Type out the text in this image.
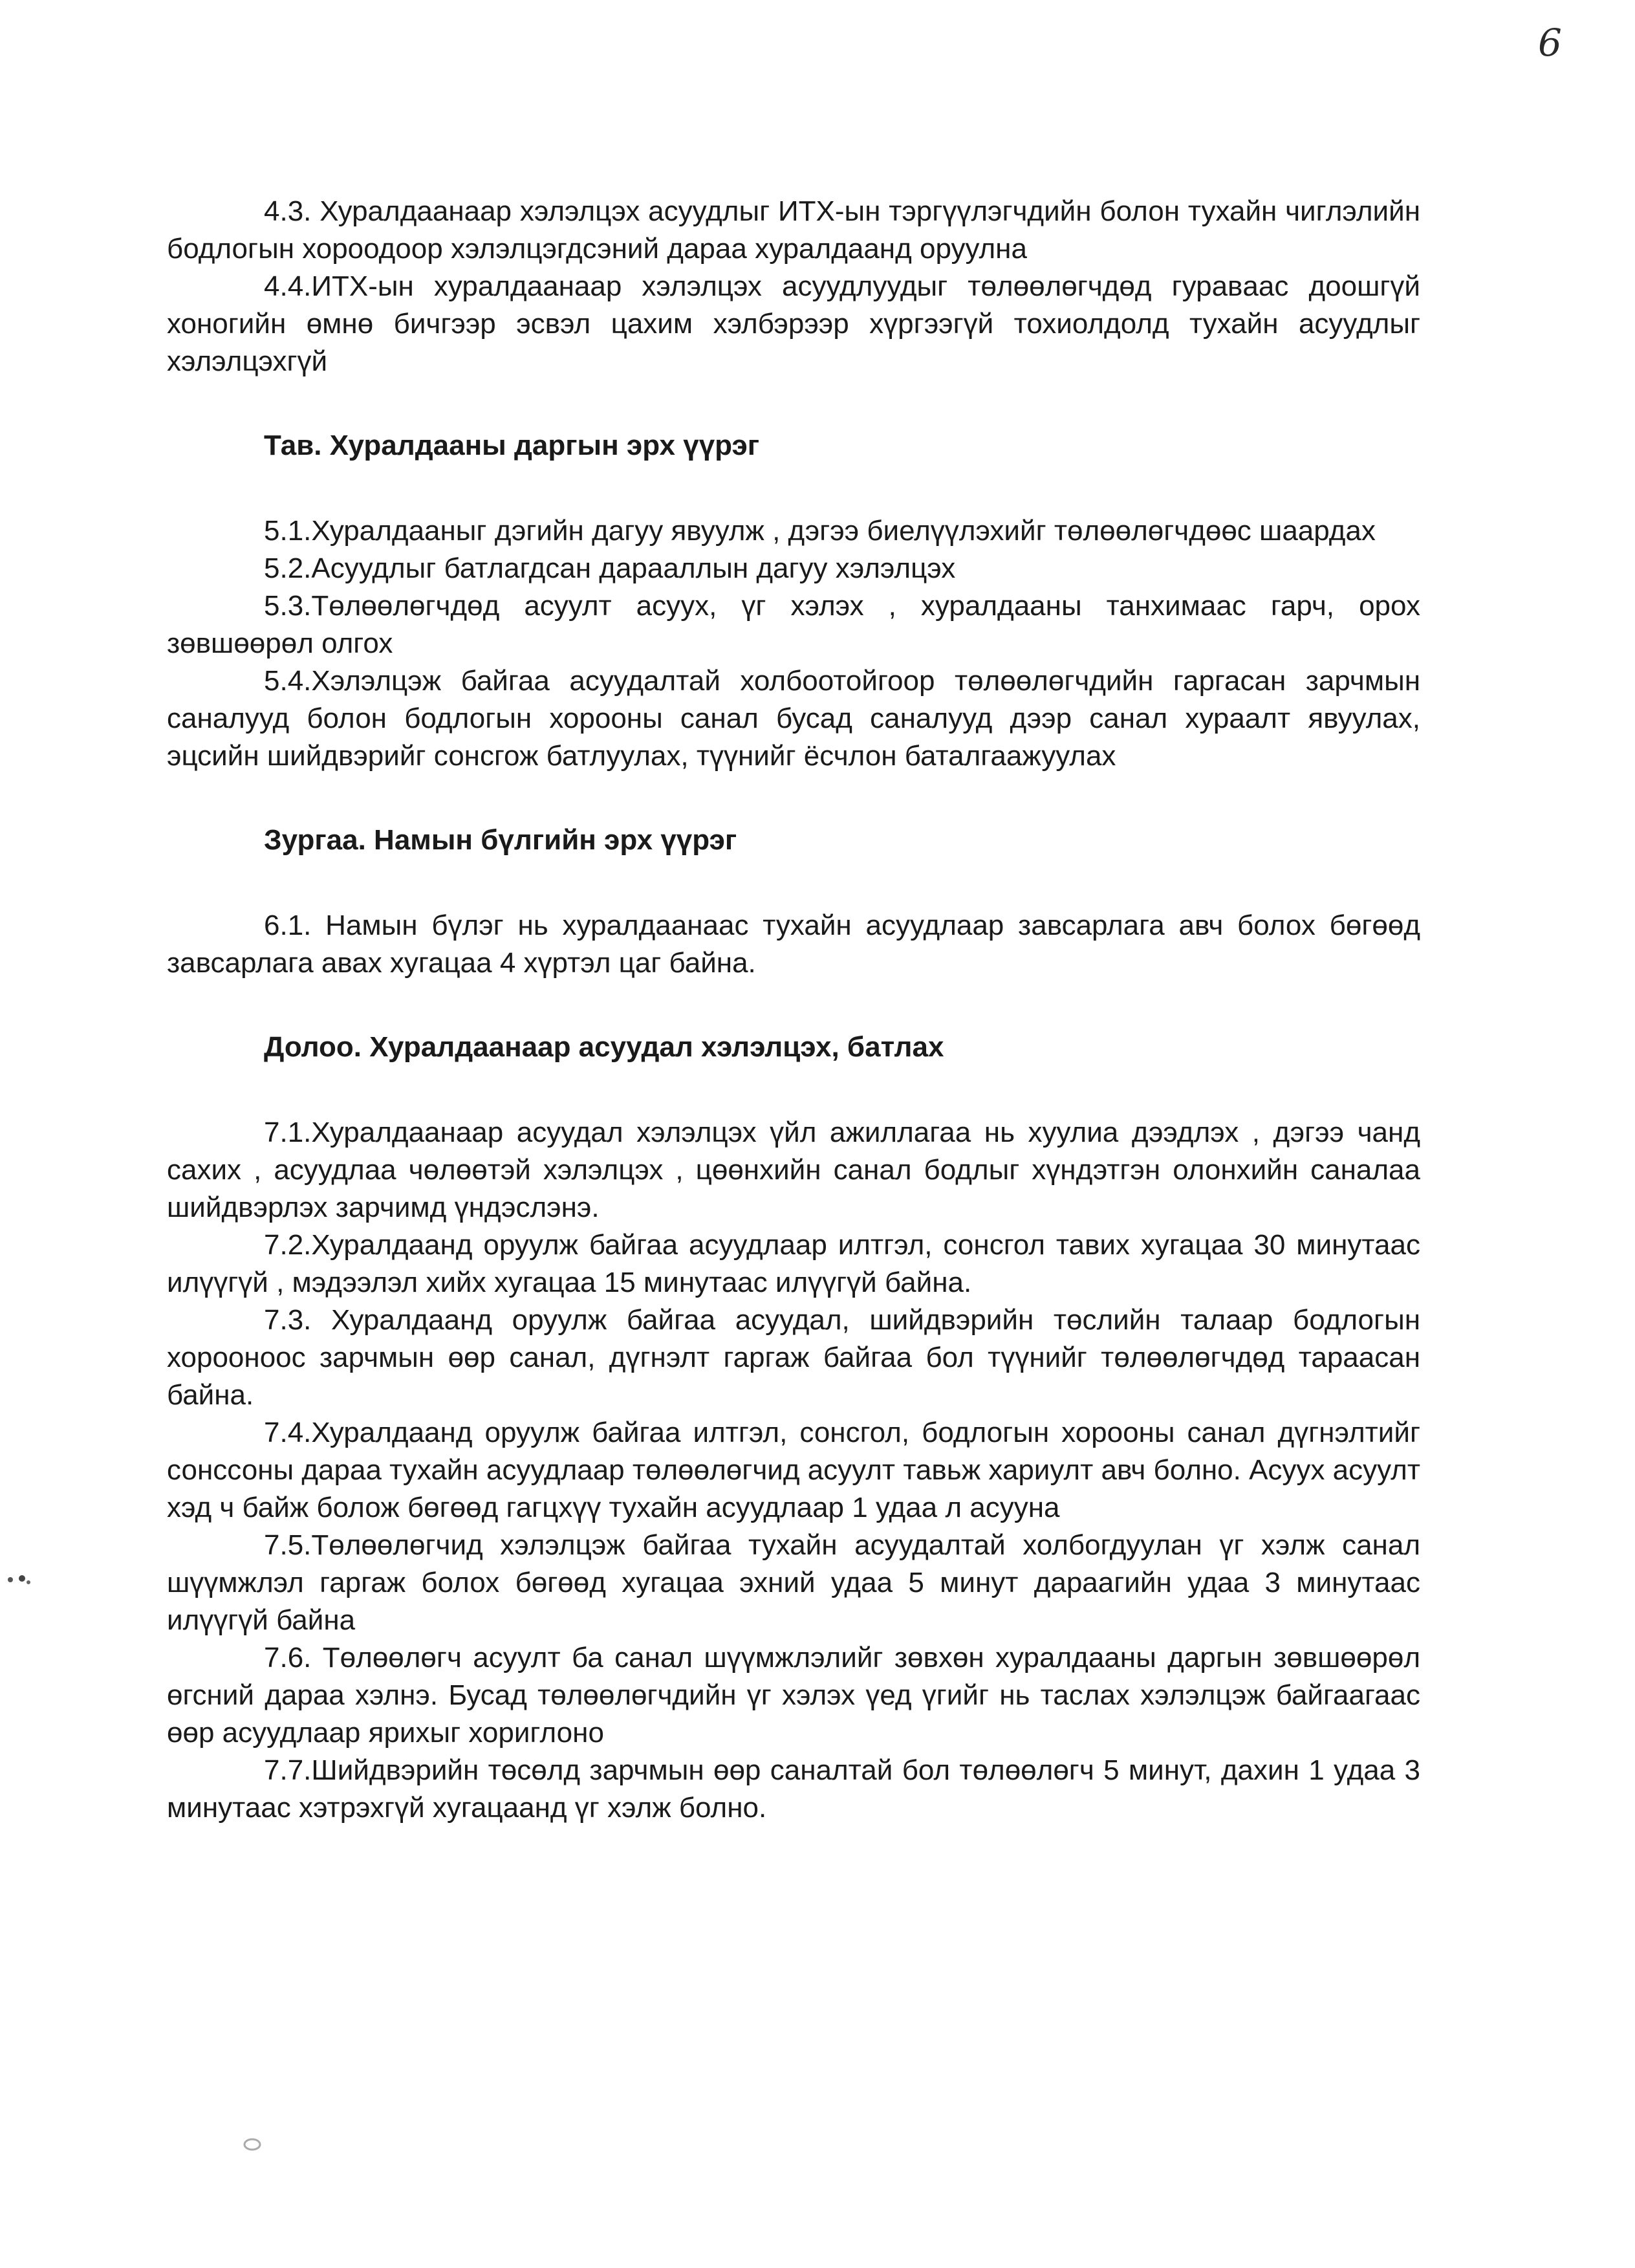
6

4.3. Хуралдаанаар хэлэлцэх асуудлыг ИТХ-ын тэргүүлэгчдийн болон тухайн чиглэлийн бодлогын хороодоор хэлэлцэгдсэний дараа хуралдаанд оруулна

4.4.ИТХ-ын хуралдаанаар хэлэлцэх асуудлуудыг төлөөлөгчдөд гуравaас доошгүй хоногийн өмнө бичгээр эсвэл цахим хэлбэрээр хүргээгүй тохиолдолд тухайн асуудлыг хэлэлцэхгүй

Тав. Хуралдааны даргын эрх үүрэг

5.1.Хуралдааныг дэгийн дагуу явуулж , дэгээ биелүүлэхийг төлөөлөгчдөөс шаардах

5.2.Асуудлыг батлагдсан дарааллын дагуу хэлэлцэх

5.3.Төлөөлөгчдөд асуулт асуух, үг хэлэх , хуралдааны танхимаас гарч, орох зөвшөөрөл олгох

5.4.Хэлэлцэж байгаа асуудалтай холбоотойгоор төлөөлөгчдийн гаргасан зарчмын саналууд болон бодлогын хорооны санал бусад саналууд дээр санал хураалт явуулах, эцсийн шийдвэрийг сонсгож батлуулах, түүнийг ёсчлон баталгаажуулах

Зургаа. Намын бүлгийн эрх үүрэг

6.1. Намын бүлэг нь хуралдаанаас тухайн асуудлаар завсарлага авч болох бөгөөд завсарлага авах хугацаа 4 хүртэл цаг байна.

Долоо. Хуралдаанаар асуудал хэлэлцэх, батлах

7.1.Хуралдаанаар асуудал хэлэлцэх үйл ажиллагаа нь хуулиа дээдлэх , дэгээ чанд сахих , асуудлаа чөлөөтэй хэлэлцэх , цөөнхийн санал бодлыг хүндэтгэн олонхийн саналаа шийдвэрлэх зарчимд үндэслэнэ.

7.2.Хуралдаанд оруулж байгаа асуудлаар илтгэл, сонсгол тавих хугацаа 30 минутаас илүүгүй , мэдээлэл хийх хугацаа 15 минутаас илүүгүй байна.

7.3. Хуралдаанд оруулж байгаа асуудал, шийдвэрийн төслийн талаар бодлогын хорооноос зарчмын өөр санал, дүгнэлт гаргаж байгаа бол түүнийг төлөөлөгчдөд тараасан байна.

7.4.Хуралдаанд оруулж байгаа илтгэл, сонсгол, бодлогын хорооны санал дүгнэлтийг сонссоны дараа тухайн асуудлаар төлөөлөгчид асуулт тавьж хариулт авч болно. Асуух асуулт хэд ч байж болож бөгөөд гагцхүү тухайн асуудлаар 1 удаа л асууна

7.5.Төлөөлөгчид хэлэлцэж байгаа тухайн асуудалтай холбогдуулан үг хэлж санал шүүмжлэл гаргаж болох бөгөөд хугацаа эхний удаа 5 минут дараагийн удаа 3 минутаас илүүгүй байна

7.6. Төлөөлөгч асуулт ба санал шүүмжлэлийг зөвхөн хуралдааны даргын зөвшөөрөл өгсний дараа хэлнэ. Бусад төлөөлөгчдийн үг хэлэх үед үгийг нь таслах хэлэлцэж байгаагаас өөр асуудлаар ярихыг хориглоно

7.7.Шийдвэрийн төсөлд зарчмын өөр саналтай бол төлөөлөгч 5 минут, дахин 1 удаа 3 минутаас хэтрэхгүй хугацаанд үг хэлж болно.
